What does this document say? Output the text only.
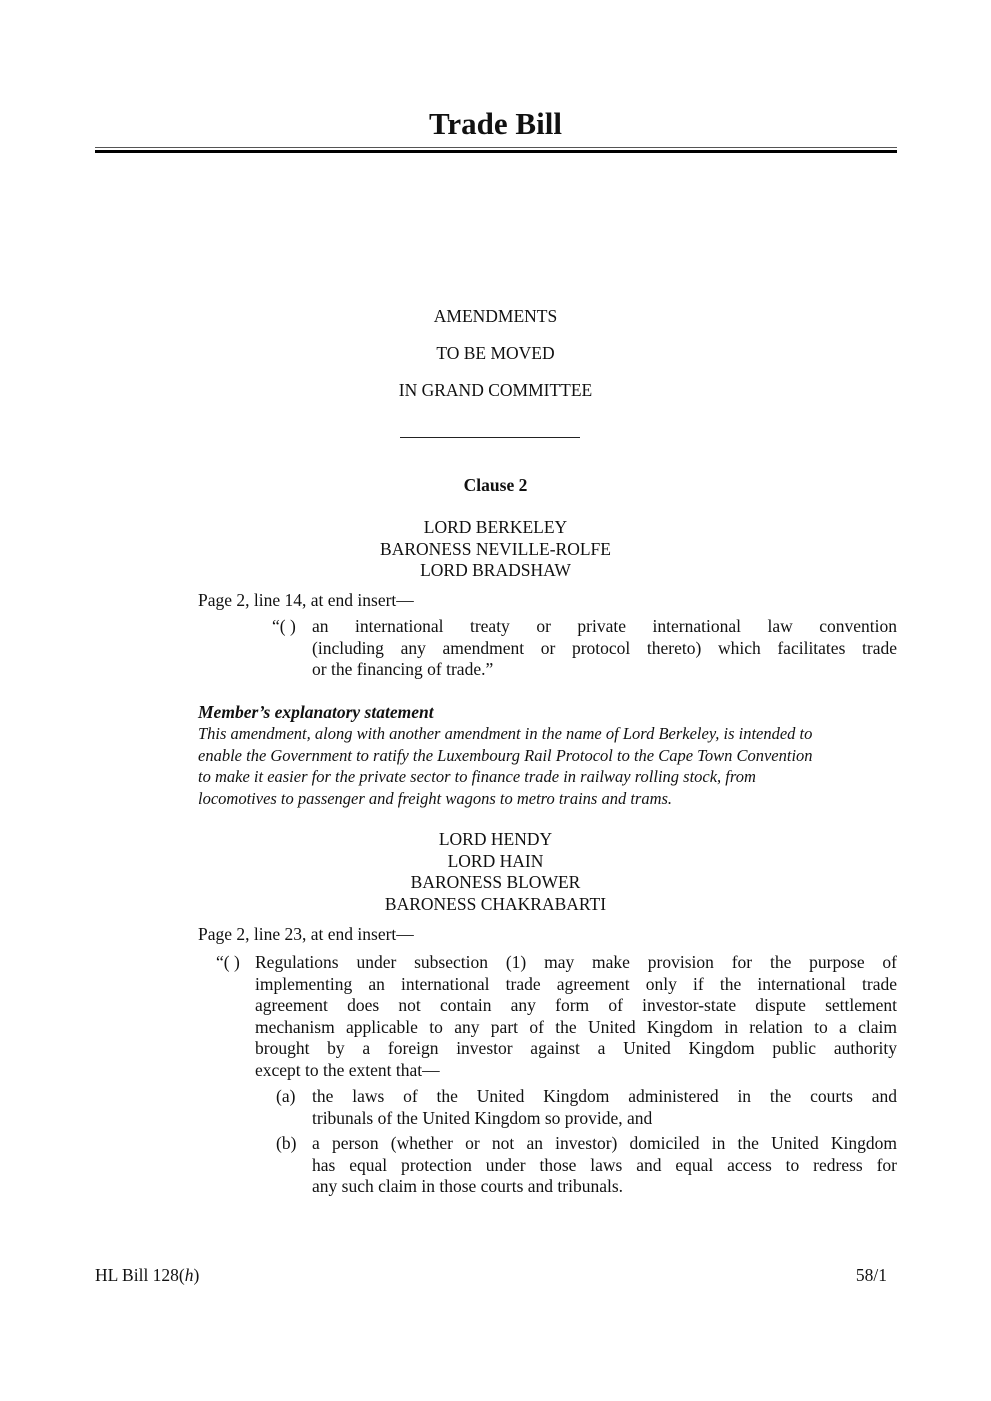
Trade Bill
AMENDMENTS
TO BE MOVED
IN GRAND COMMITTEE
Clause 2
LORD BERKELEY
BARONESS NEVILLE-ROLFE
LORD BRADSHAW
Page 2, line 14, at end insert—
“( ) an international treaty or private international law convention
(including any amendment or protocol thereto) which facilitates trade
or the financing of trade.”
Member’s explanatory statement
This amendment, along with another amendment in the name of Lord Berkeley, is intended to
enable the Government to ratify the Luxembourg Rail Protocol to the Cape Town Convention
to make it easier for the private sector to finance trade in railway rolling stock, from
locomotives to passenger and freight wagons to metro trains and trams.
LORD HENDY
LORD HAIN
BARONESS BLOWER
BARONESS CHAKRABARTI
Page 2, line 23, at end insert—
“( ) Regulations under subsection (1) may make provision for the purpose of
implementing an international trade agreement only if the international trade
agreement does not contain any form of investor-state dispute settlement
mechanism applicable to any part of the United Kingdom in relation to a claim
brought by a foreign investor against a United Kingdom public authority
except to the extent that—
(a) the laws of the United Kingdom administered in the courts and
tribunals of the United Kingdom so provide, and
(b) a person (whether or not an investor) domiciled in the United Kingdom
has equal protection under those laws and equal access to redress for
any such claim in those courts and tribunals.
HL Bill 128(h)	58/1
